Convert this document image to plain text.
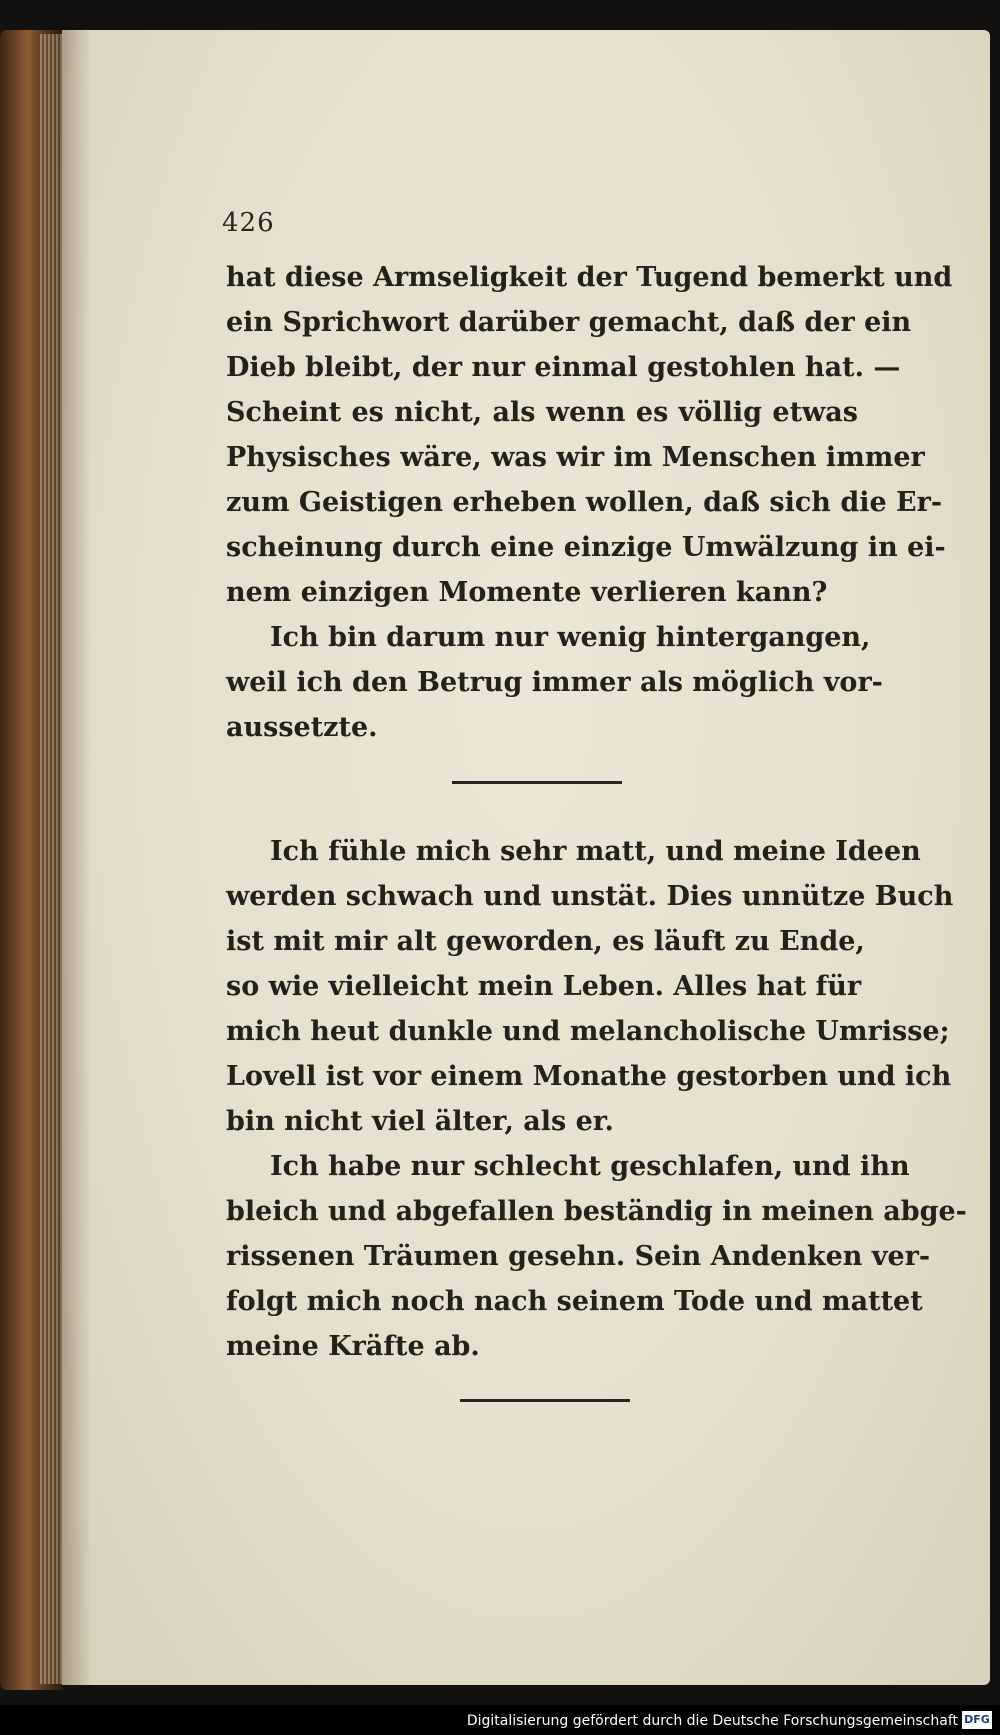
426
hat diese Armseligkeit der Tugend bemerkt und
ein Sprichwort darüber gemacht, daß der ein
Dieb bleibt, der nur einmal gestohlen hat. —
Scheint es nicht, als wenn es völlig etwas
Physisches wäre, was wir im Menschen immer
zum Geistigen erheben wollen, daß sich die Er-
scheinung durch eine einzige Umwälzung in ei-
nem einzigen Momente verlieren kann?
Ich bin darum nur wenig hintergangen,
weil ich den Betrug immer als möglich vor-
aussetzte.
Ich fühle mich sehr matt, und meine Ideen
werden schwach und unstät. Dies unnütze Buch
ist mit mir alt geworden, es läuft zu Ende,
so wie vielleicht mein Leben. Alles hat für
mich heut dunkle und melancholische Umrisse;
Lovell ist vor einem Monathe gestorben und ich
bin nicht viel älter, als er.
Ich habe nur schlecht geschlafen, und ihn
bleich und abgefallen beständig in meinen abge-
rissenen Träumen gesehn. Sein Andenken ver-
folgt mich noch nach seinem Tode und mattet
meine Kräfte ab.
Digitalisierung gefördert durch die Deutsche Forschungsgemeinschaft DFG
